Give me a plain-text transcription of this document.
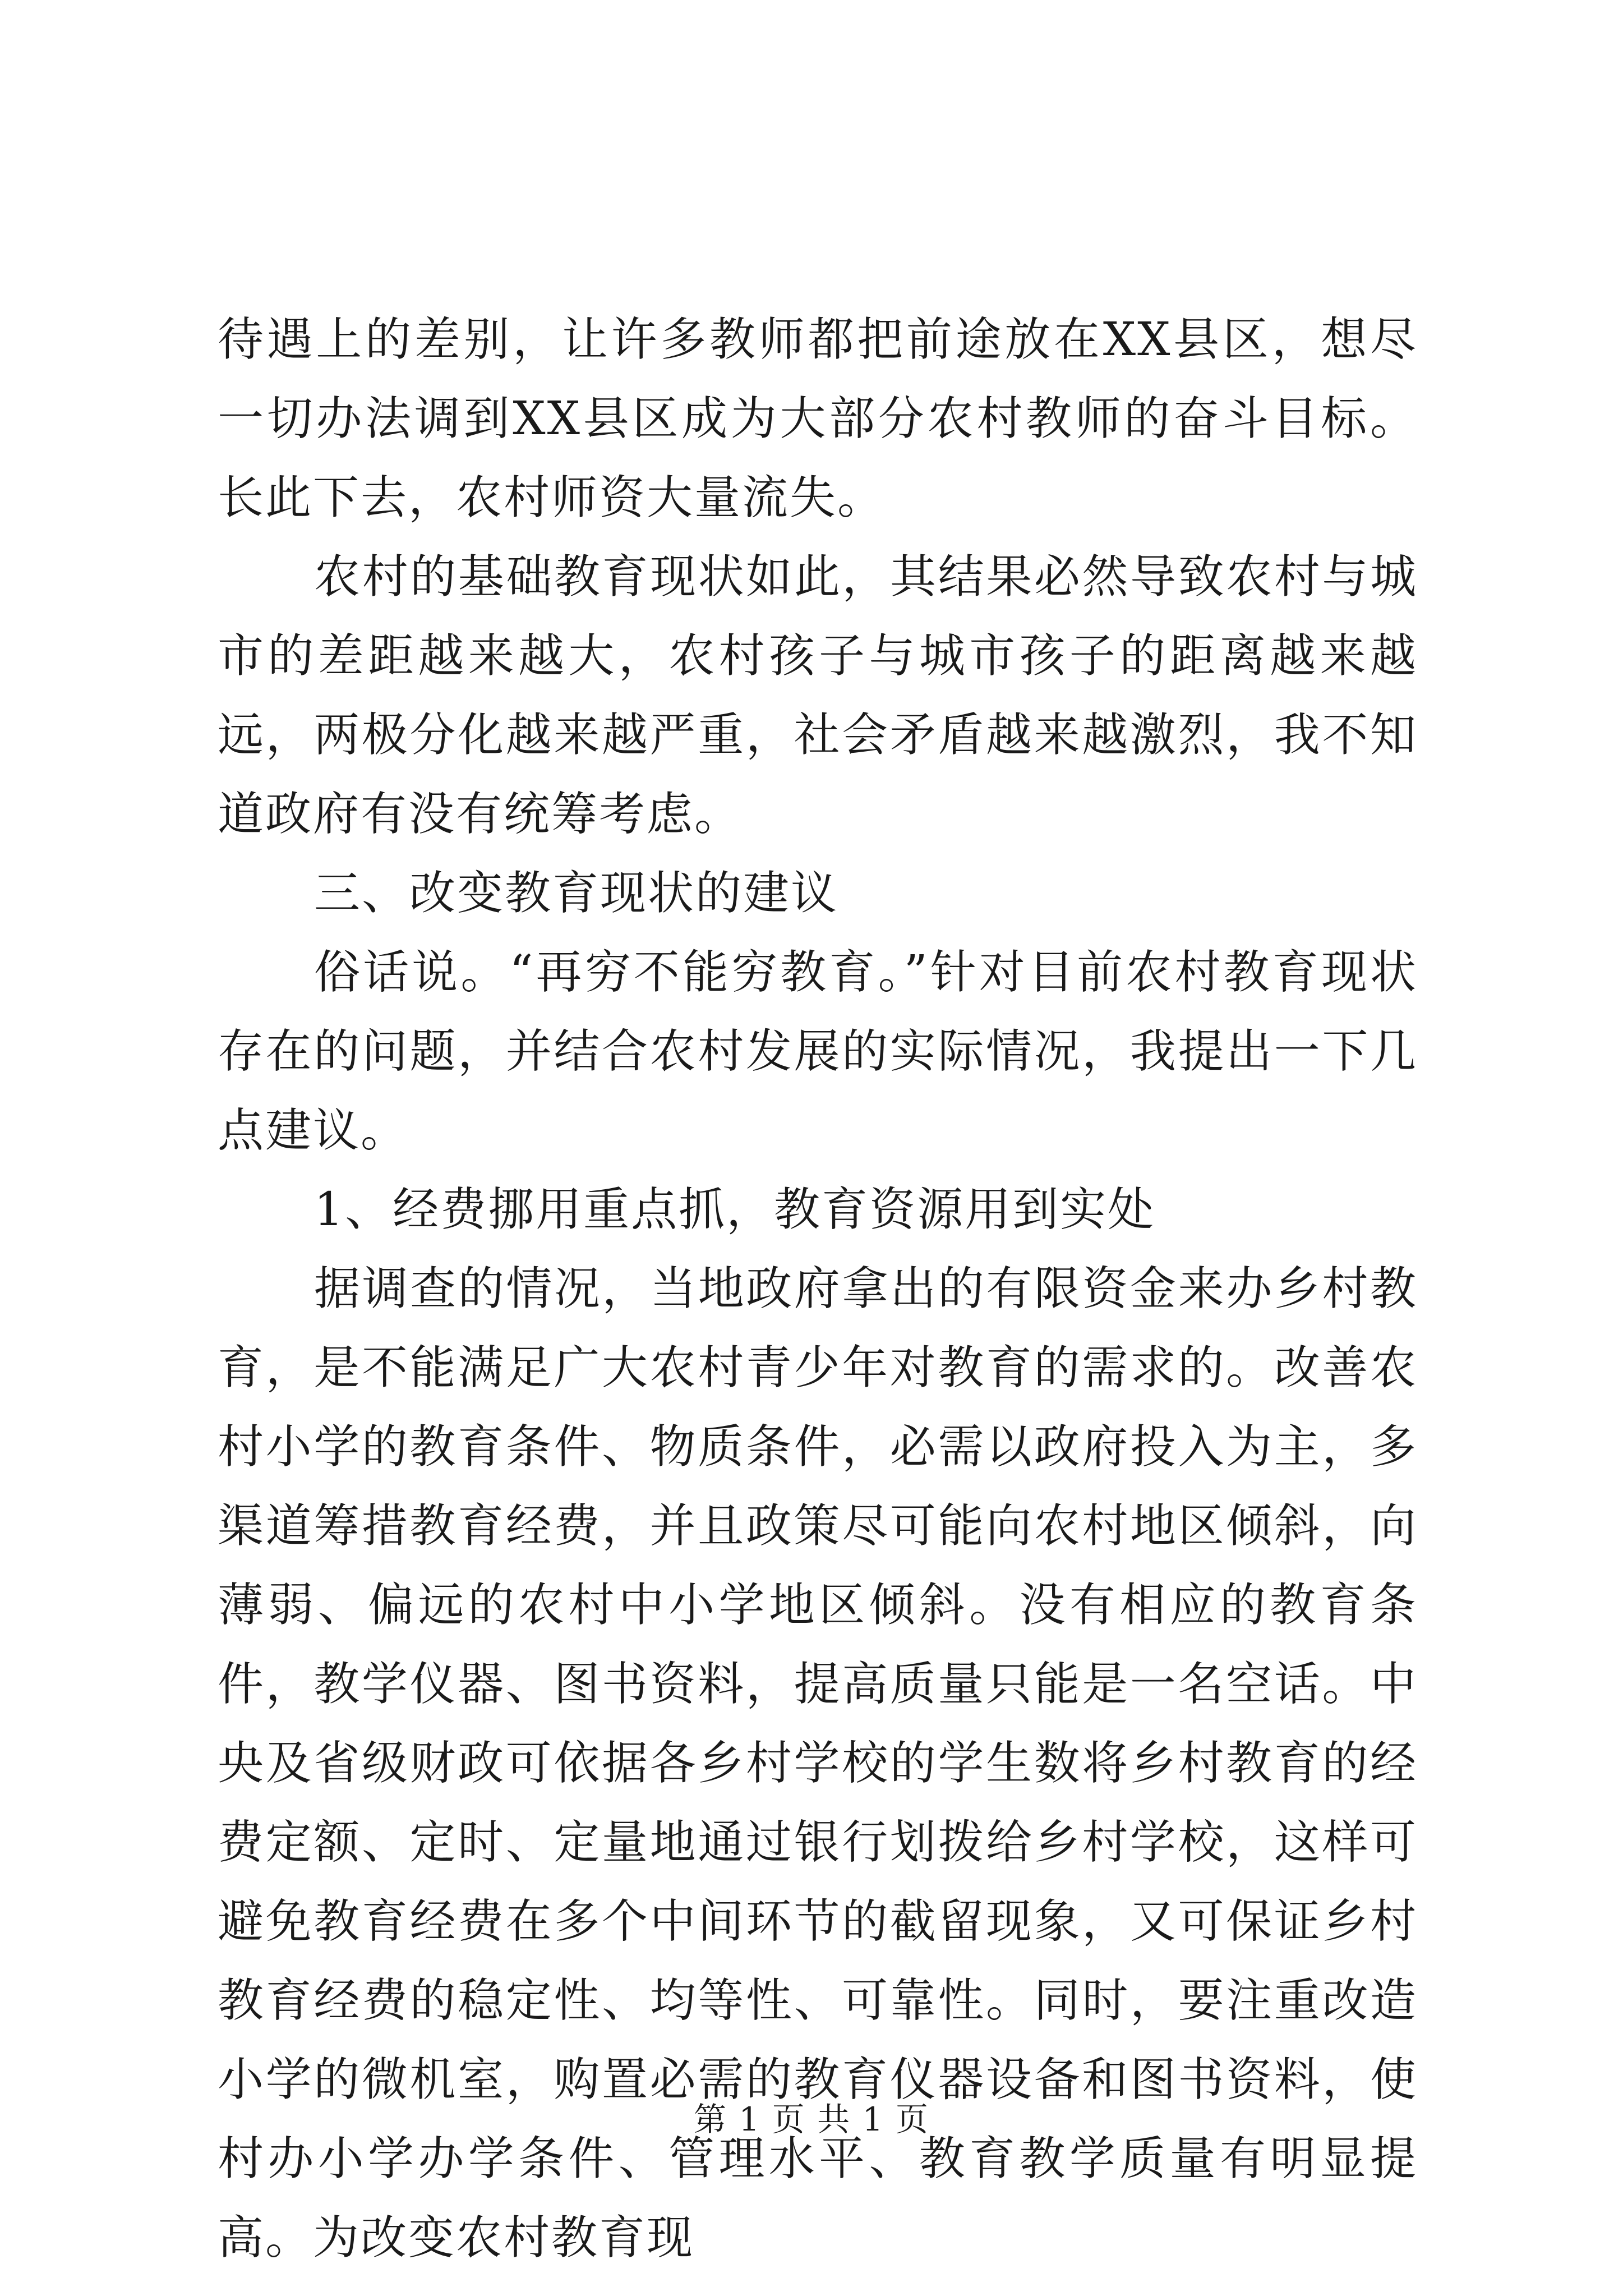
待遇上的差别，让许多教师都把前途放在XX县区，想尽一切办法调到XX县区成为大部分农村教师的奋斗目标。长此下去，农村师资大量流失。

农村的基础教育现状如此，其结果必然导致农村与城市的差距越来越大，农村孩子与城市孩子的距离越来越远，两极分化越来越严重，社会矛盾越来越激烈，我不知道政府有没有统筹考虑。

三、改变教育现状的建议

俗话说。“再穷不能穷教育。”针对目前农村教育现状存在的问题，并结合农村发展的实际情况，我提出一下几点建议。

1、经费挪用重点抓，教育资源用到实处

据调查的情况，当地政府拿出的有限资金来办乡村教育，是不能满足广大农村青少年对教育的需求的。改善农村小学的教育条件、物质条件，必需以政府投入为主，多渠道筹措教育经费，并且政策尽可能向农村地区倾斜，向薄弱、偏远的农村中小学地区倾斜。没有相应的教育条件，教学仪器、图书资料，提高质量只能是一名空话。中央及省级财政可依据各乡村学校的学生数将乡村教育的经费定额、定时、定量地通过银行划拨给乡村学校，这样可避免教育经费在多个中间环节的截留现象，又可保证乡村教育经费的稳定性、均等性、可靠性。同时，要注重改造小学的微机室，购置必需的教育仪器设备和图书资料，使村办小学办学条件、管理水平、教育教学质量有明显提高。为改变农村教育现

第 1 页 共 1 页
